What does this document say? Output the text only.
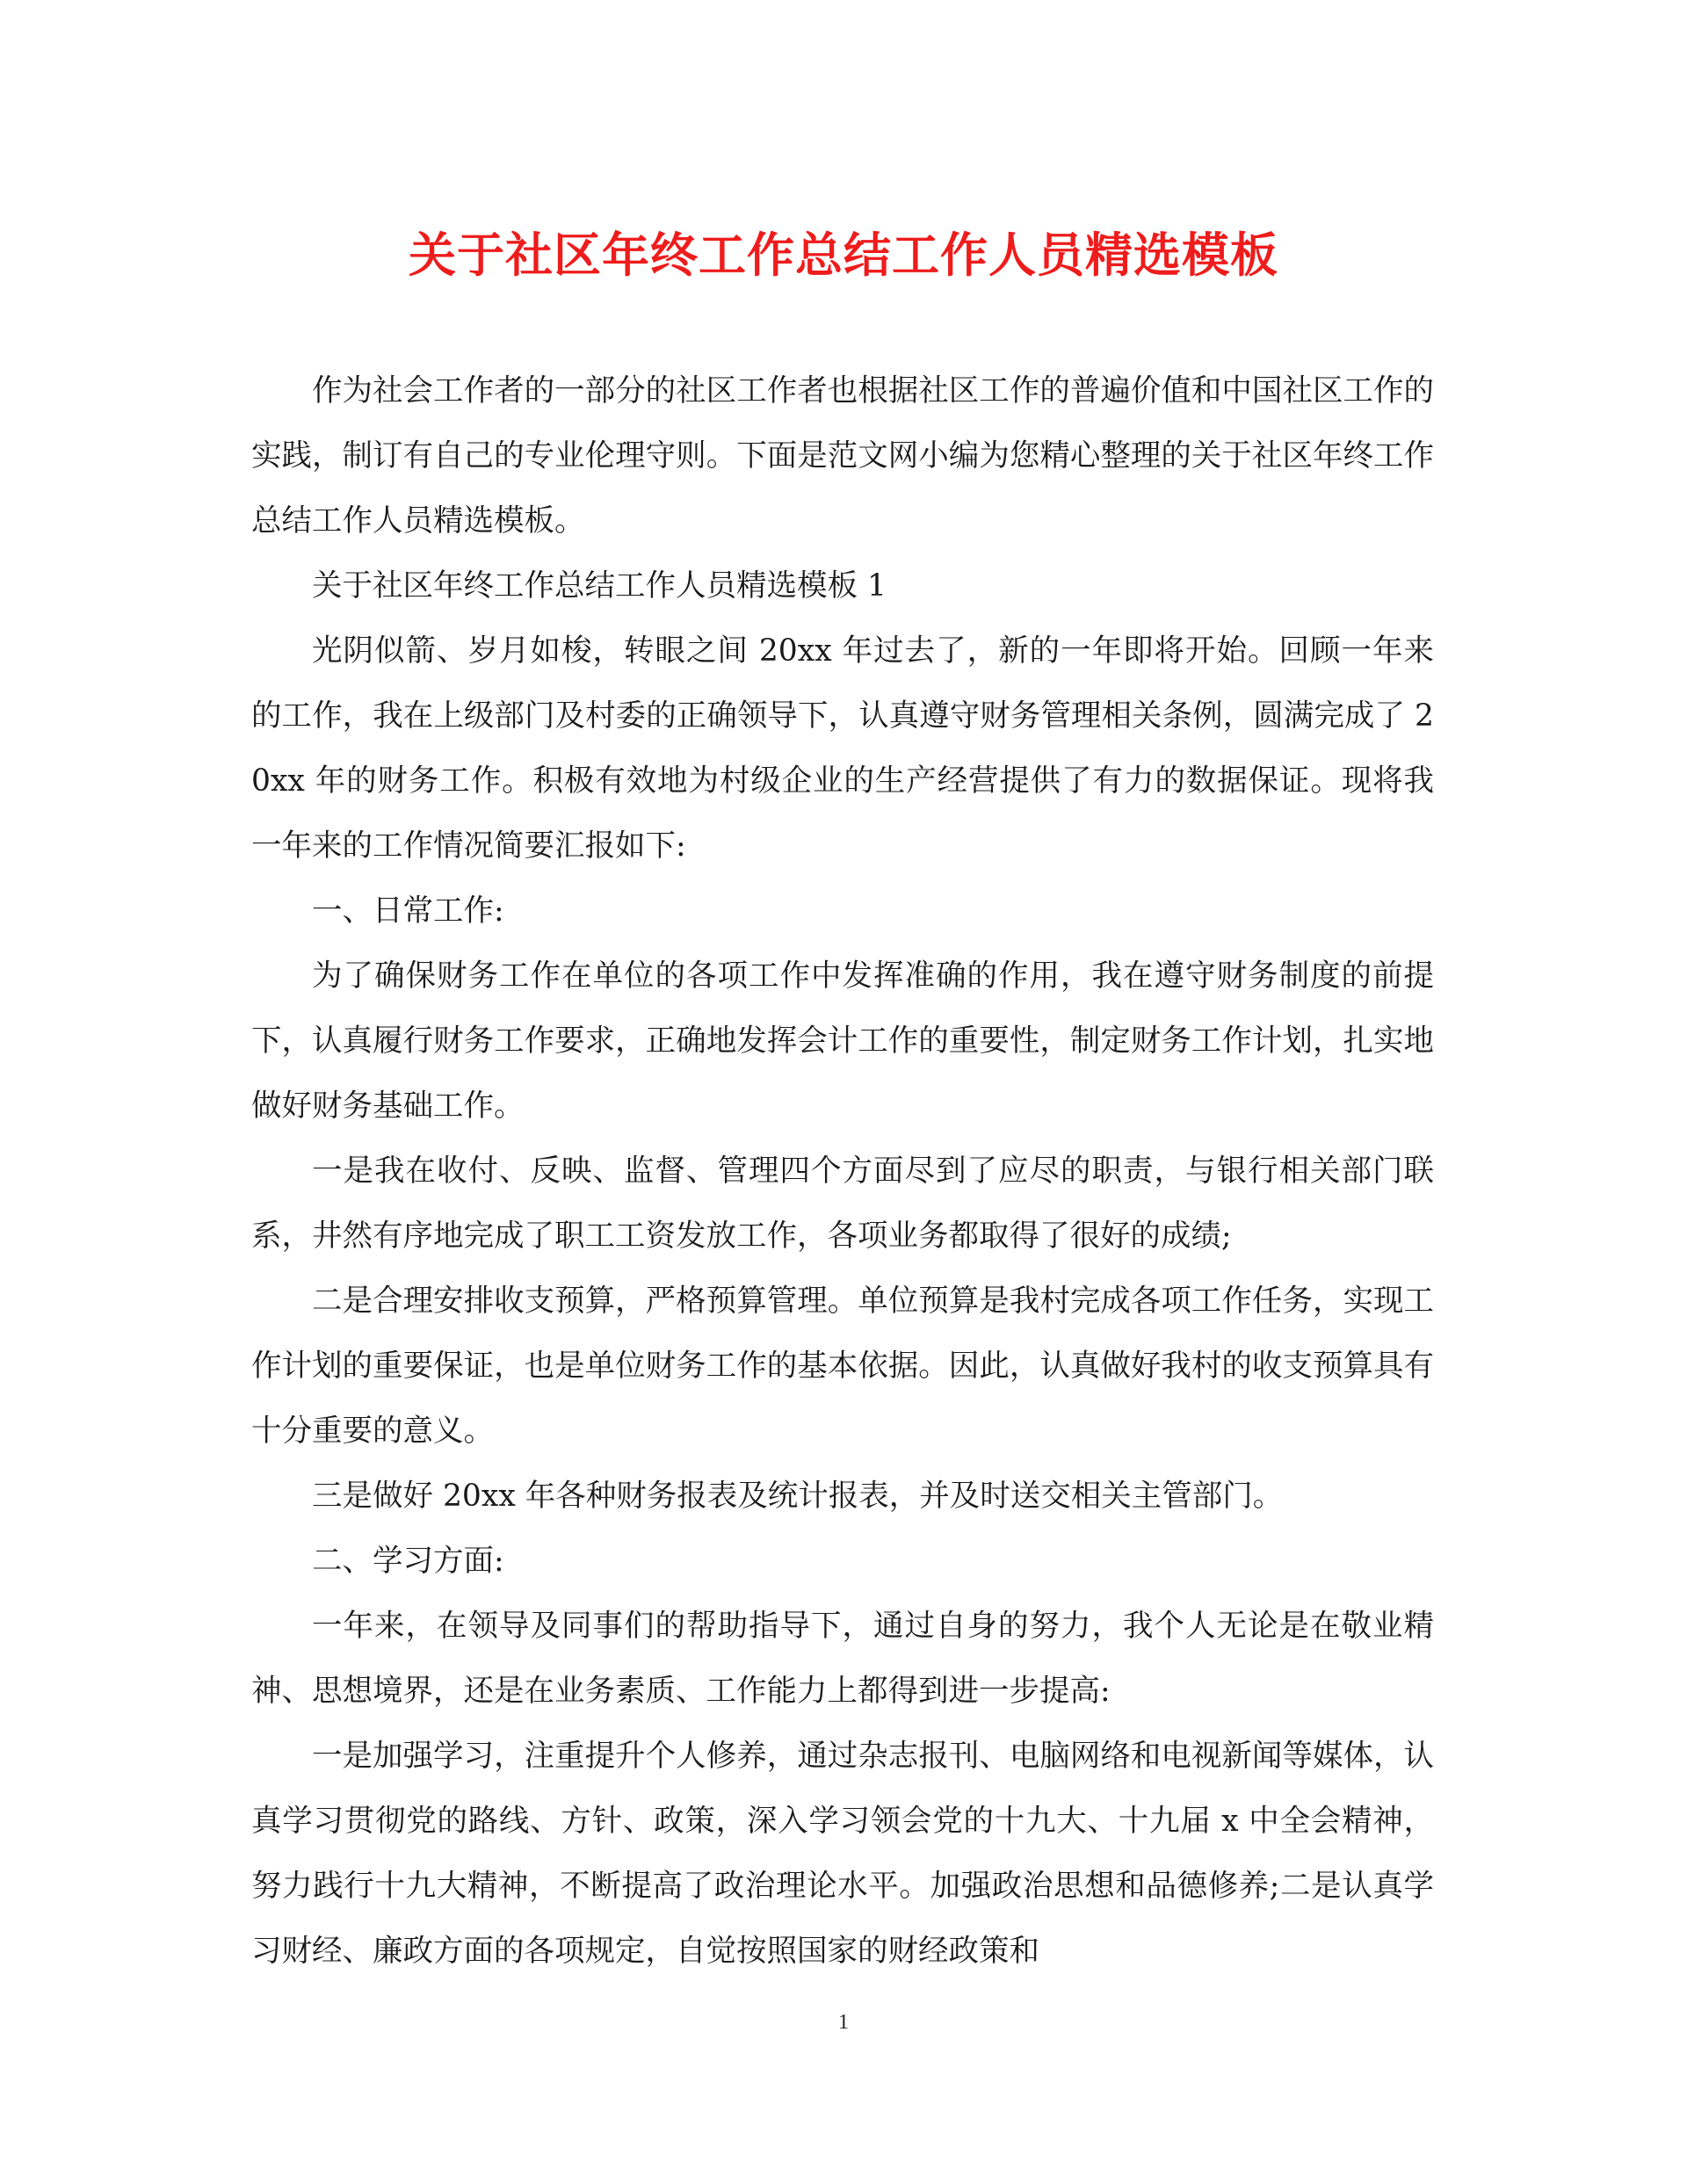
关于社区年终工作总结工作人员精选模板

作为社会工作者的一部分的社区工作者也根据社区工作的普遍价值和中国社区工作的实践，制订有自己的专业伦理守则。下面是范文网小编为您精心整理的关于社区年终工作总结工作人员精选模板。

关于社区年终工作总结工作人员精选模板 1

光阴似箭、岁月如梭，转眼之间 20xx 年过去了，新的一年即将开始。回顾一年来的工作，我在上级部门及村委的正确领导下，认真遵守财务管理相关条例，圆满完成了 20xx 年的财务工作。积极有效地为村级企业的生产经营提供了有力的数据保证。现将我一年来的工作情况简要汇报如下:

一、日常工作:

为了确保财务工作在单位的各项工作中发挥准确的作用，我在遵守财务制度的前提下，认真履行财务工作要求，正确地发挥会计工作的重要性，制定财务工作计划，扎实地做好财务基础工作。

一是我在收付、反映、监督、管理四个方面尽到了应尽的职责，与银行相关部门联系，井然有序地完成了职工工资发放工作，各项业务都取得了很好的成绩;

二是合理安排收支预算，严格预算管理。单位预算是我村完成各项工作任务，实现工作计划的重要保证，也是单位财务工作的基本依据。因此，认真做好我村的收支预算具有十分重要的意义。

三是做好 20xx 年各种财务报表及统计报表，并及时送交相关主管部门。

二、学习方面:

一年来，在领导及同事们的帮助指导下，通过自身的努力，我个人无论是在敬业精神、思想境界，还是在业务素质、工作能力上都得到进一步提高:

一是加强学习，注重提升个人修养，通过杂志报刊、电脑网络和电视新闻等媒体，认真学习贯彻党的路线、方针、政策，深入学习领会党的十九大、十九届 x 中全会精神，努力践行十九大精神，不断提高了政治理论水平。加强政治思想和品德修养;二是认真学习财经、廉政方面的各项规定，自觉按照国家的财经政策和

1
